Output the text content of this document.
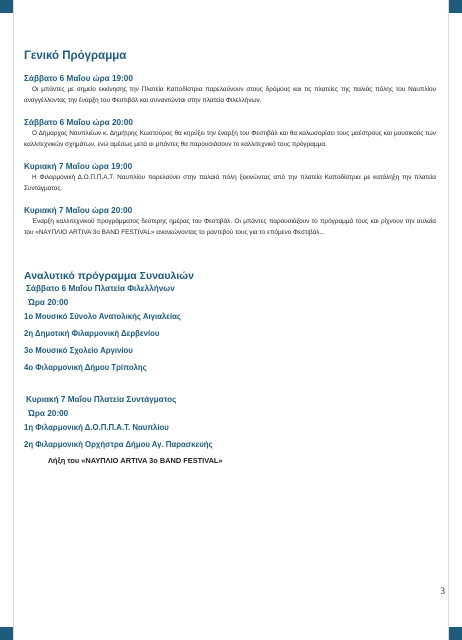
Γενικό Πρόγραμμα

Σάββατο 6 Μαΐου ώρα 19:00

Οι μπάντες με σημείο εκκίνησης την Πλατεία Καποδίστρια παρελαύνουν στους δρόμους και τις πλατείες της παλιάς πόλης του Ναυπλίου αναγγέλλοντας την έναρξη του Φεστιβάλ και συναντώνται στην πλατεία Φιλελλήνων.

Σάββατο 6 Μαΐου ώρα 20:00

Ο Δήμαρχος Ναυπλιέων κ. Δημήτρης Κωστούρος θα κηρύξει την έναρξη του Φεστιβάλ και θα καλωσορίσει τους μαέστρους και μουσικούς των καλλιτεχνικών σχημάτων, ενώ αμέσως μετά οι μπάντες θα παρουσιάσουν το καλλιτεχνικό τους πρόγραμμα.

Κυριακή 7 Μαΐου ώρα 19:00

Η Φιλαρμονική Δ.Ο.Π.Π.Α.Τ. Ναυπλίου παρελαύνει στην παλαιά πόλη ξεκινώντας από την πλατεία Καποδίστρια με κατάληξη την πλατεία Συντάγματος.

Κυριακή 7 Μαΐου ώρα 20:00

Έναρξη καλλιτεχνικού προγράμματος δεύτερης ημέρας του Φεστιβάλ. Οι μπάντες παρουσιάζουν το πρόγραμμά τους και ρίχνουν την αυλαία του «ΝΑΥΠΛΙΟ ARTIVA 3ο BAND FESTIVAL» ανανεώνοντας το ραντεβού τους για το επόμενο Φεστιβάλ...

Αναλυτικό πρόγραμμα Συναυλιών
Σάββατο 6 Μαΐου Πλατεία Φιλελλήνων
Ώρα 20:00
1ο Μουσικό Σύνολο Ανατολικής Αιγιαλείας
2η Δημοτική Φιλαρμονική Δερβενίου
3ο Μουσικό Σχολείο Αργινίου
4ο Φιλαρμονική Δήμου Τρίπολης
Κυριακή 7 Μαΐου Πλατεία Συντάγματος
Ώρα 20:00
1η Φιλαρμονική Δ.Ο.Π.Π.Α.Τ. Ναυπλίου
2η Φιλαρμονική Ορχήστρα Δήμου Αγ. Παρασκευής
Λήξη του «ΝΑΥΠΛΙΟ ARTIVA 3ο BAND FESTIVAL»
3
